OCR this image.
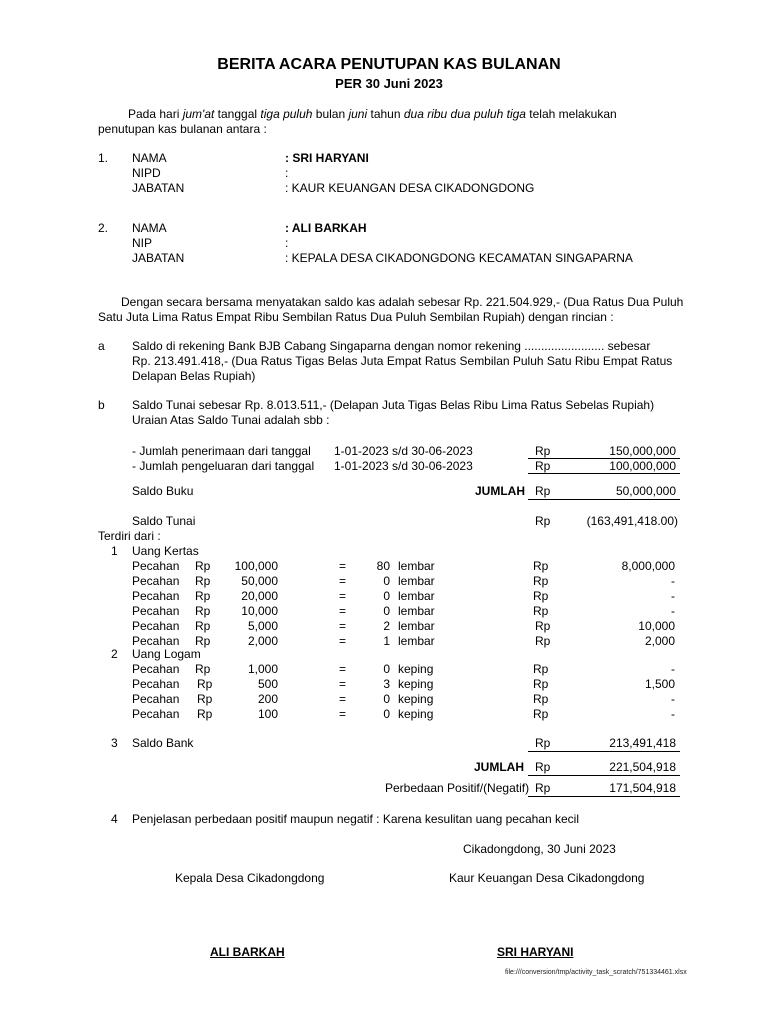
BERITA ACARA PENUTUPAN KAS BULANAN
PER 30 Juni 2023
Pada hari jum'at tanggal tiga puluh bulan juni tahun dua ribu dua puluh tiga telah melakukan
penutupan kas bulanan antara :
1. NAMA	: SRI HARYANI
NIPD	:
JABATAN	: KAUR KEUANGAN DESA CIKADONGDONG
2. NAMA	: ALI BARKAH
NIP	:
JABATAN	: KEPALA DESA CIKADONGDONG KECAMATAN SINGAPARNA
Dengan secara bersama menyatakan saldo kas adalah sebesar Rp. 221.504.929,- (Dua Ratus Dua Puluh
Satu Juta Lima Ratus Empat Ribu Sembilan Ratus Dua Puluh Sembilan Rupiah) dengan rincian :
a Saldo di rekening Bank BJB Cabang Singaparna dengan nomor rekening ........................ sebesar
Rp. 213.491.418,- (Dua Ratus Tigas Belas Juta Empat Ratus Sembilan Puluh Satu Ribu Empat Ratus
Delapan Belas Rupiah)
b Saldo Tunai sebesar Rp. 8.013.511,- (Delapan Juta Tigas Belas Ribu Lima Ratus Sebelas Rupiah)
Uraian Atas Saldo Tunai adalah sbb :
- Jumlah penerimaan dari tanggal 1-01-2023 s/d 30-06-2023	Rp	150,000,000
- Jumlah pengeluaran dari tanggal 1-01-2023 s/d 30-06-2023	Rp	100,000,000
Saldo Buku	JUMLAH Rp	50,000,000
Saldo Tunai	Rp	(163,491,418.00)
Terdiri dari :
1 Uang Kertas
Pecahan Rp	100,000	=	80 lembar	Rp	8,000,000
Pecahan Rp	50,000	=	0 lembar	Rp	-
Pecahan Rp	20,000	=	0 lembar	Rp	-
Pecahan Rp	10,000	=	0 lembar	Rp	-
Pecahan Rp	5,000	=	2 lembar	Rp	10,000
Pecahan Rp	2,000	=	1 lembar	Rp	2,000
2 Uang Logam
Pecahan Rp	1,000	=	0 keping	Rp	-
Pecahan Rp	500	=	3 keping	Rp	1,500
Pecahan Rp	200	=	0 keping	Rp	-
Pecahan Rp	100	=	0 keping	Rp	-
3 Saldo Bank	Rp	213,491,418
JUMLAH Rp	221,504,918
Perbedaan Positif/(Negatif) Rp	171,504,918
4 Penjelasan perbedaan positif maupun negatif : Karena kesulitan uang pecahan kecil
Cikadongdong, 30 Juni 2023
Kepala Desa Cikadongdong	Kaur Keuangan Desa Cikadongdong
ALI BARKAH	SRI HARYANI
file:///conversion/tmp/activity_task_scratch/751334461.xlsx
